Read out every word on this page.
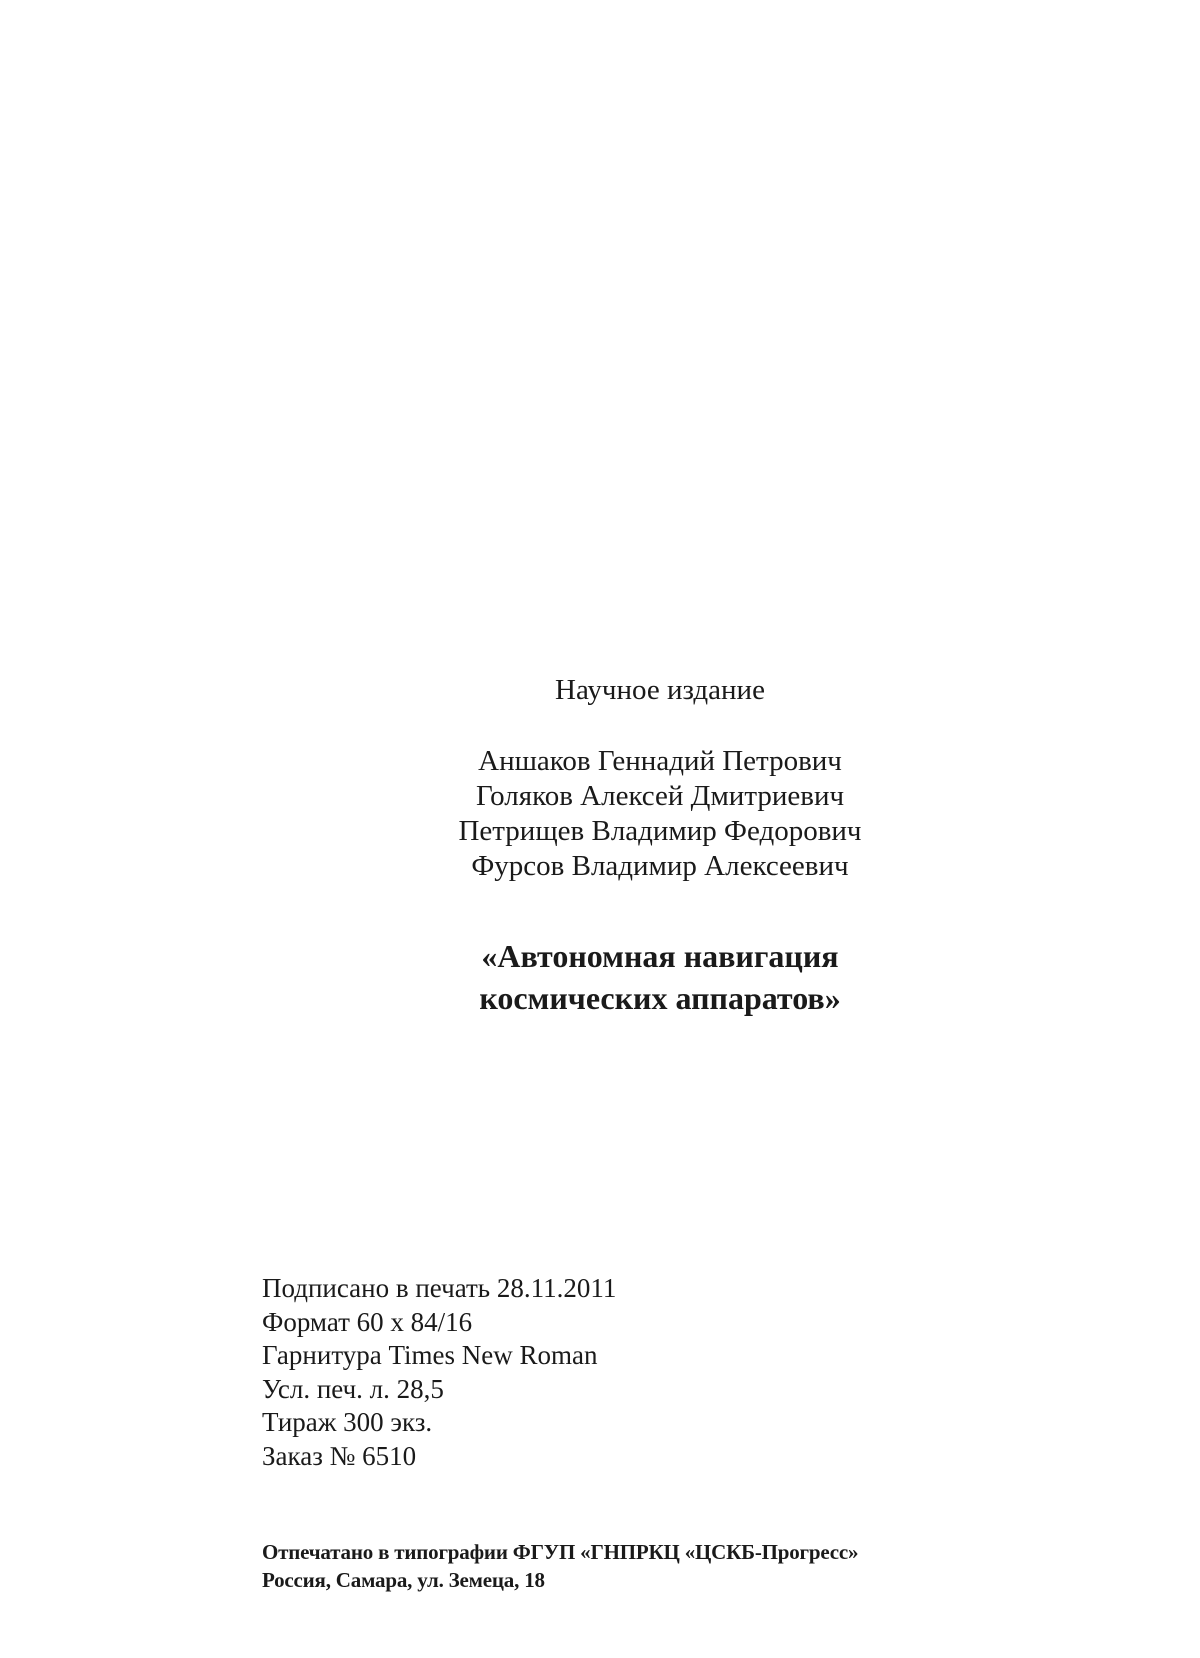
Научное издание
Аншаков Геннадий Петрович
Голяков Алексей Дмитриевич
Петрищев Владимир Федорович
Фурсов Владимир Алексеевич
«Автономная навигация
космических аппаратов»
Подписано в печать 28.11.2011
Формат 60 х 84/16
Гарнитура Times New Roman
Усл. печ. л. 28,5
Тираж 300 экз.
Заказ № 6510
Отпечатано в типографии ФГУП «ГНПРКЦ «ЦСКБ-Прогресс»
Россия, Самара, ул. Земеца, 18
